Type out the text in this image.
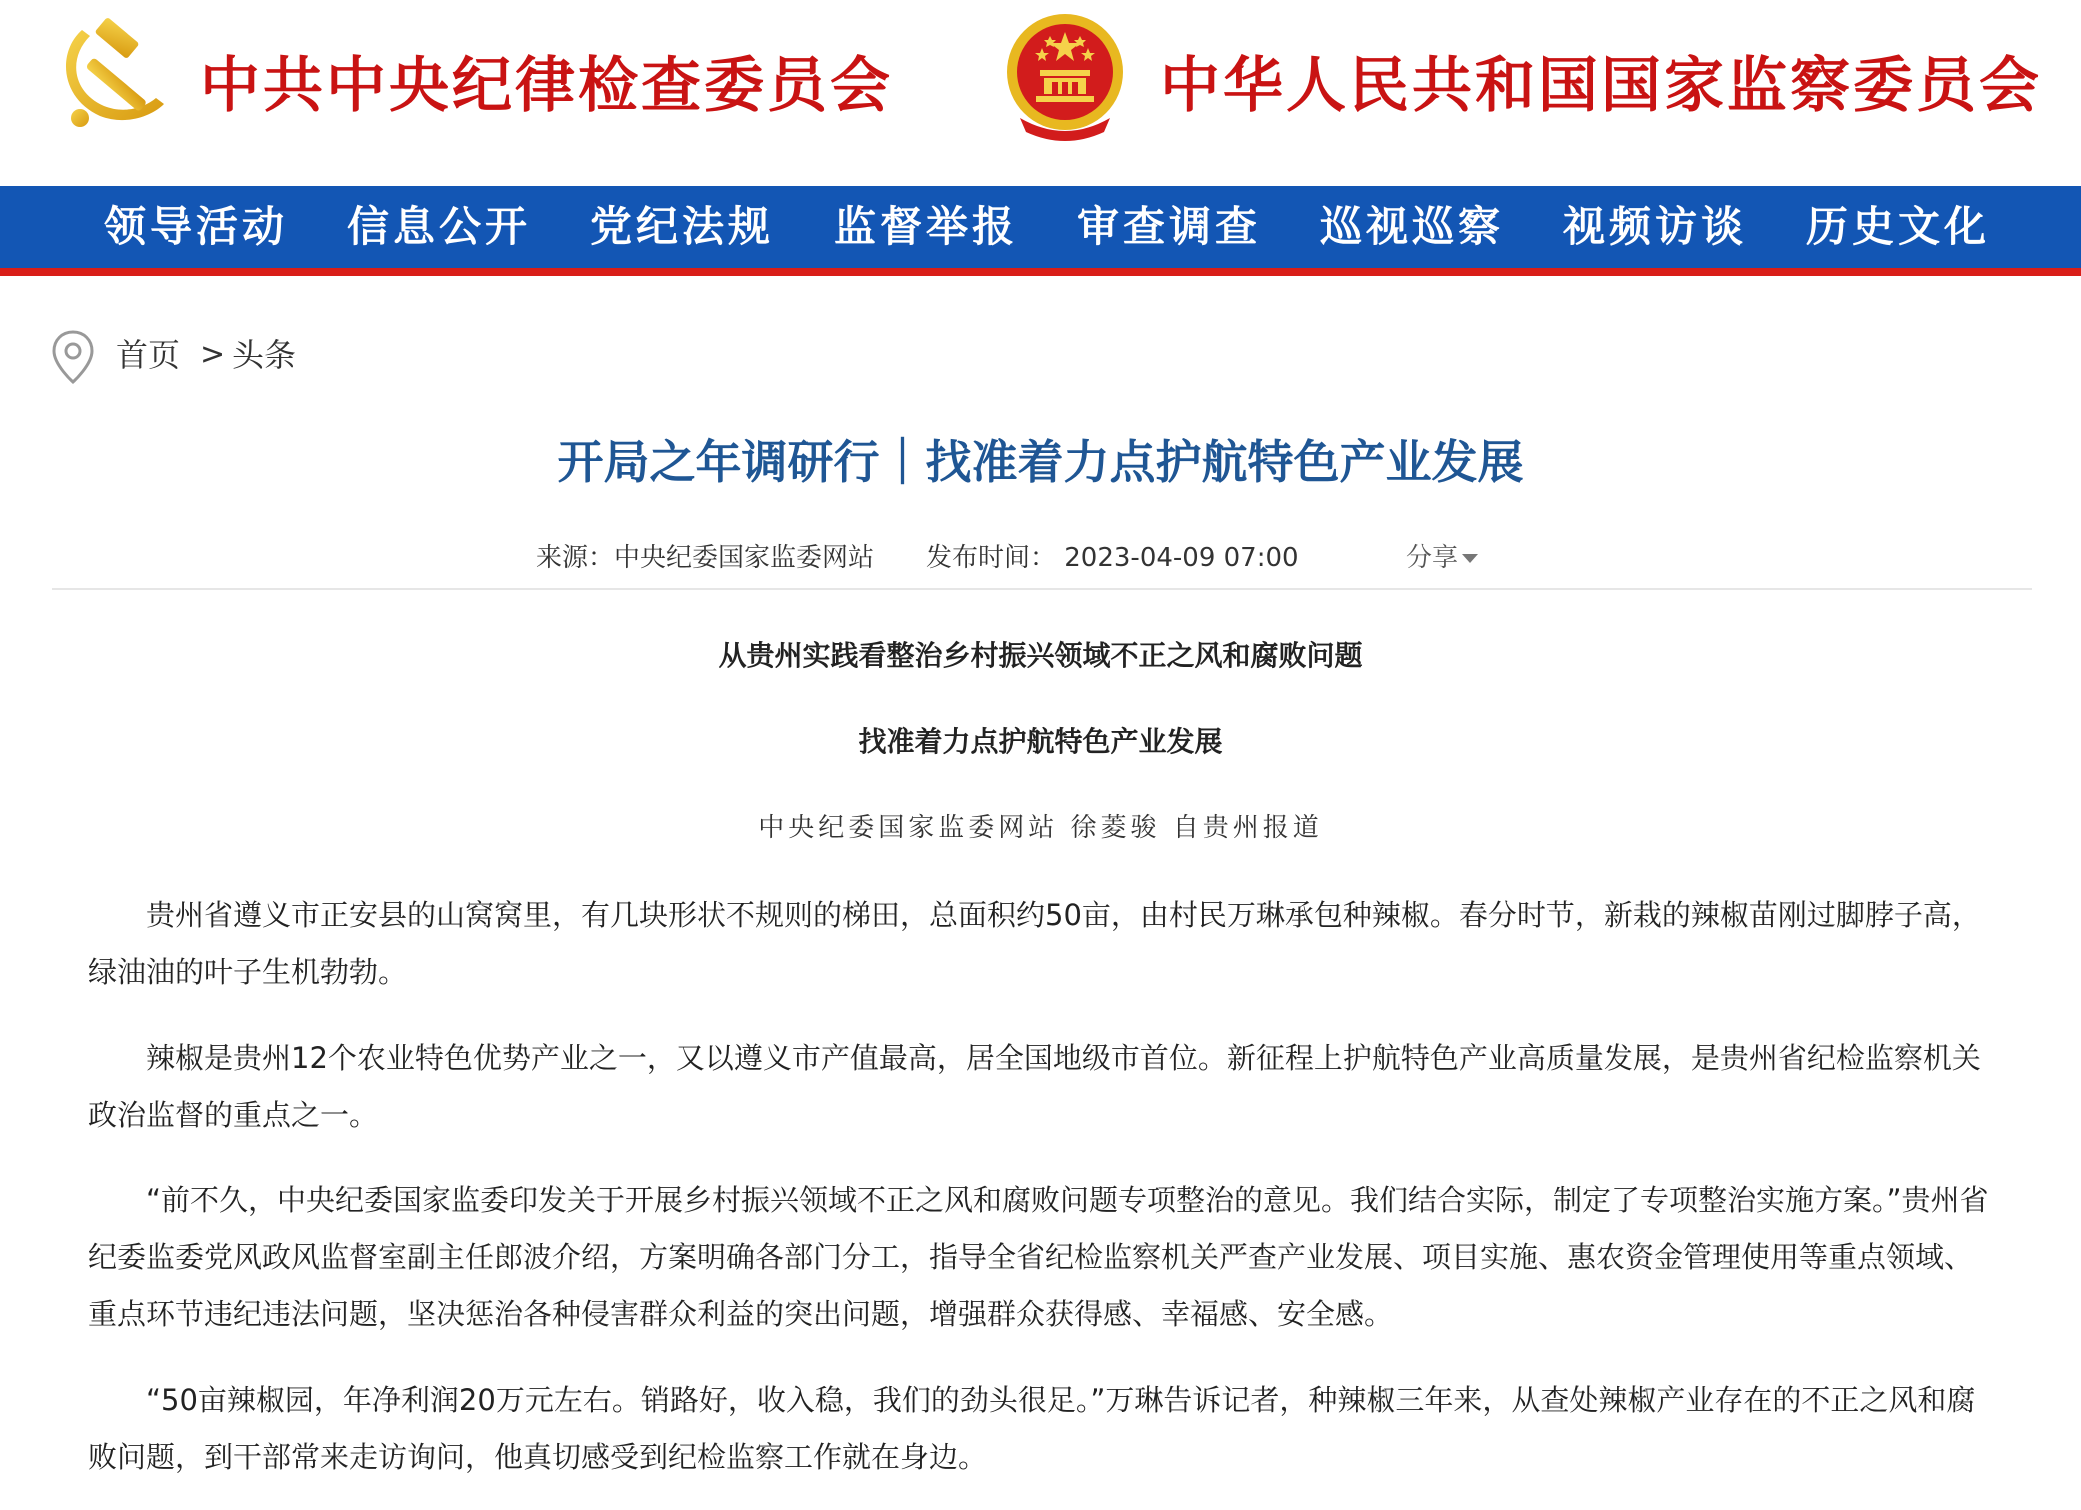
中共中央纪律检查委员会	中华人民共和国国家监察委员会
领导活动 信息公开 党纪法规 监督举报 审查调查 巡视巡察 视频访谈 历史文化
首页 > 头条
开局之年调研行｜找准着力点护航特色产业发展
来源：中央纪委国家监委网站 发布时间： 2023-04-09 07:00	分享
从贵州实践看整治乡村振兴领域不正之风和腐败问题
找准着力点护航特色产业发展
中央纪委国家监委网站 徐菱骏 自贵州报道
贵州省遵义市正安县的山窝窝里，有几块形状不规则的梯田，总面积约50亩，由村民万琳承包种辣椒。春分时节，新栽的辣椒苗刚过脚脖子高，绿油油的叶子生机勃勃。
辣椒是贵州12个农业特色优势产业之一，又以遵义市产值最高，居全国地级市首位。新征程上护航特色产业高质量发展，是贵州省纪检监察机关政治监督的重点之一。
“前不久，中央纪委国家监委印发关于开展乡村振兴领域不正之风和腐败问题专项整治的意见。我们结合实际，制定了专项整治实施方案。”贵州省纪委监委党风政风监督室副主任郎波介绍，方案明确各部门分工，指导全省纪检监察机关严查产业发展、项目实施、惠农资金管理使用等重点领域、重点环节违纪违法问题，坚决惩治各种侵害群众利益的突出问题，增强群众获得感、幸福感、安全感。
“50亩辣椒园，年净利润20万元左右。销路好，收入稳，我们的劲头很足。”万琳告诉记者，种辣椒三年来，从查处辣椒产业存在的不正之风和腐败问题，到干部常来走访询问，他真切感受到纪检监察工作就在身边。
